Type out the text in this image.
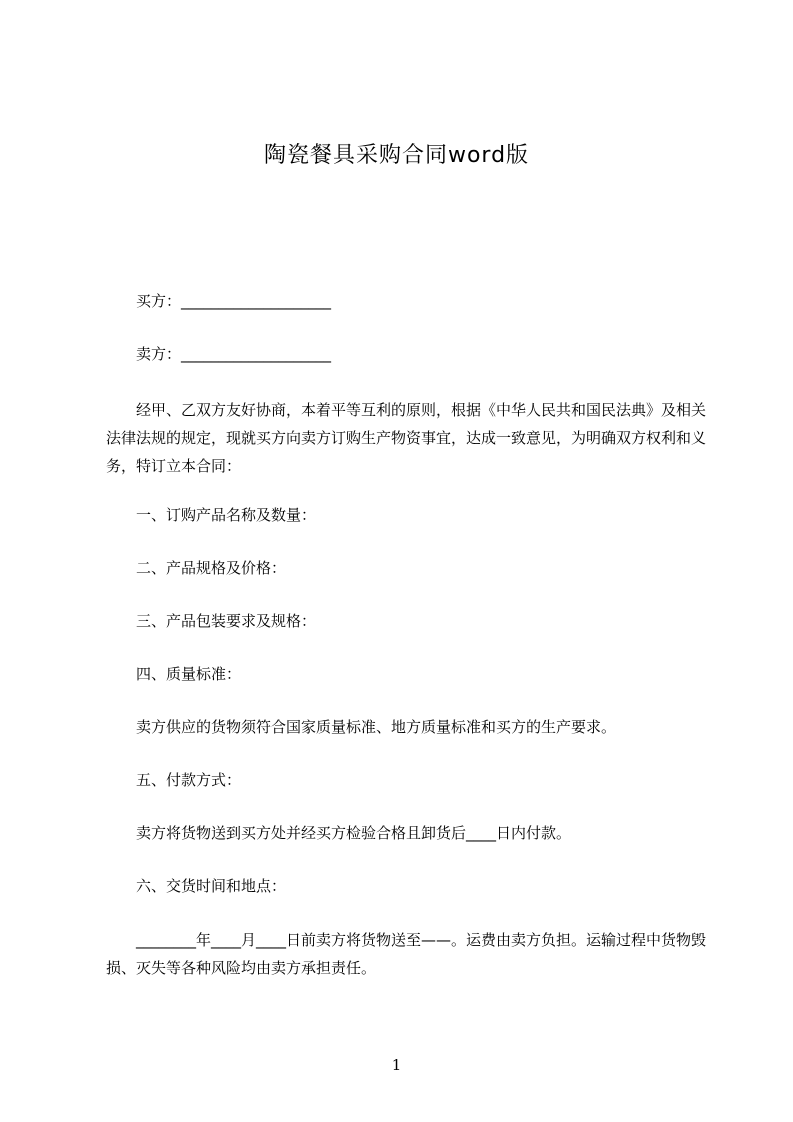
陶瓷餐具采购合同word版
买方：____________________
卖方：____________________
经甲、乙双方友好协商，本着平等互利的原则，根据《中华人民共和国民法典》及相关法律法规的规定，现就买方向卖方订购生产物资事宜，达成一致意见，为明确双方权利和义务，特订立本合同：
一、订购产品名称及数量：
二、产品规格及价格：
三、产品包装要求及规格：
四、质量标准：
卖方供应的货物须符合国家质量标准、地方质量标准和买方的生产要求。
五、付款方式：
卖方将货物送到买方处并经买方检验合格且卸货后____日内付款。
六、交货时间和地点：
________年____月____日前卖方将货物送至——。运费由卖方负担。运输过程中货物毁损、灭失等各种风险均由卖方承担责任。
1
